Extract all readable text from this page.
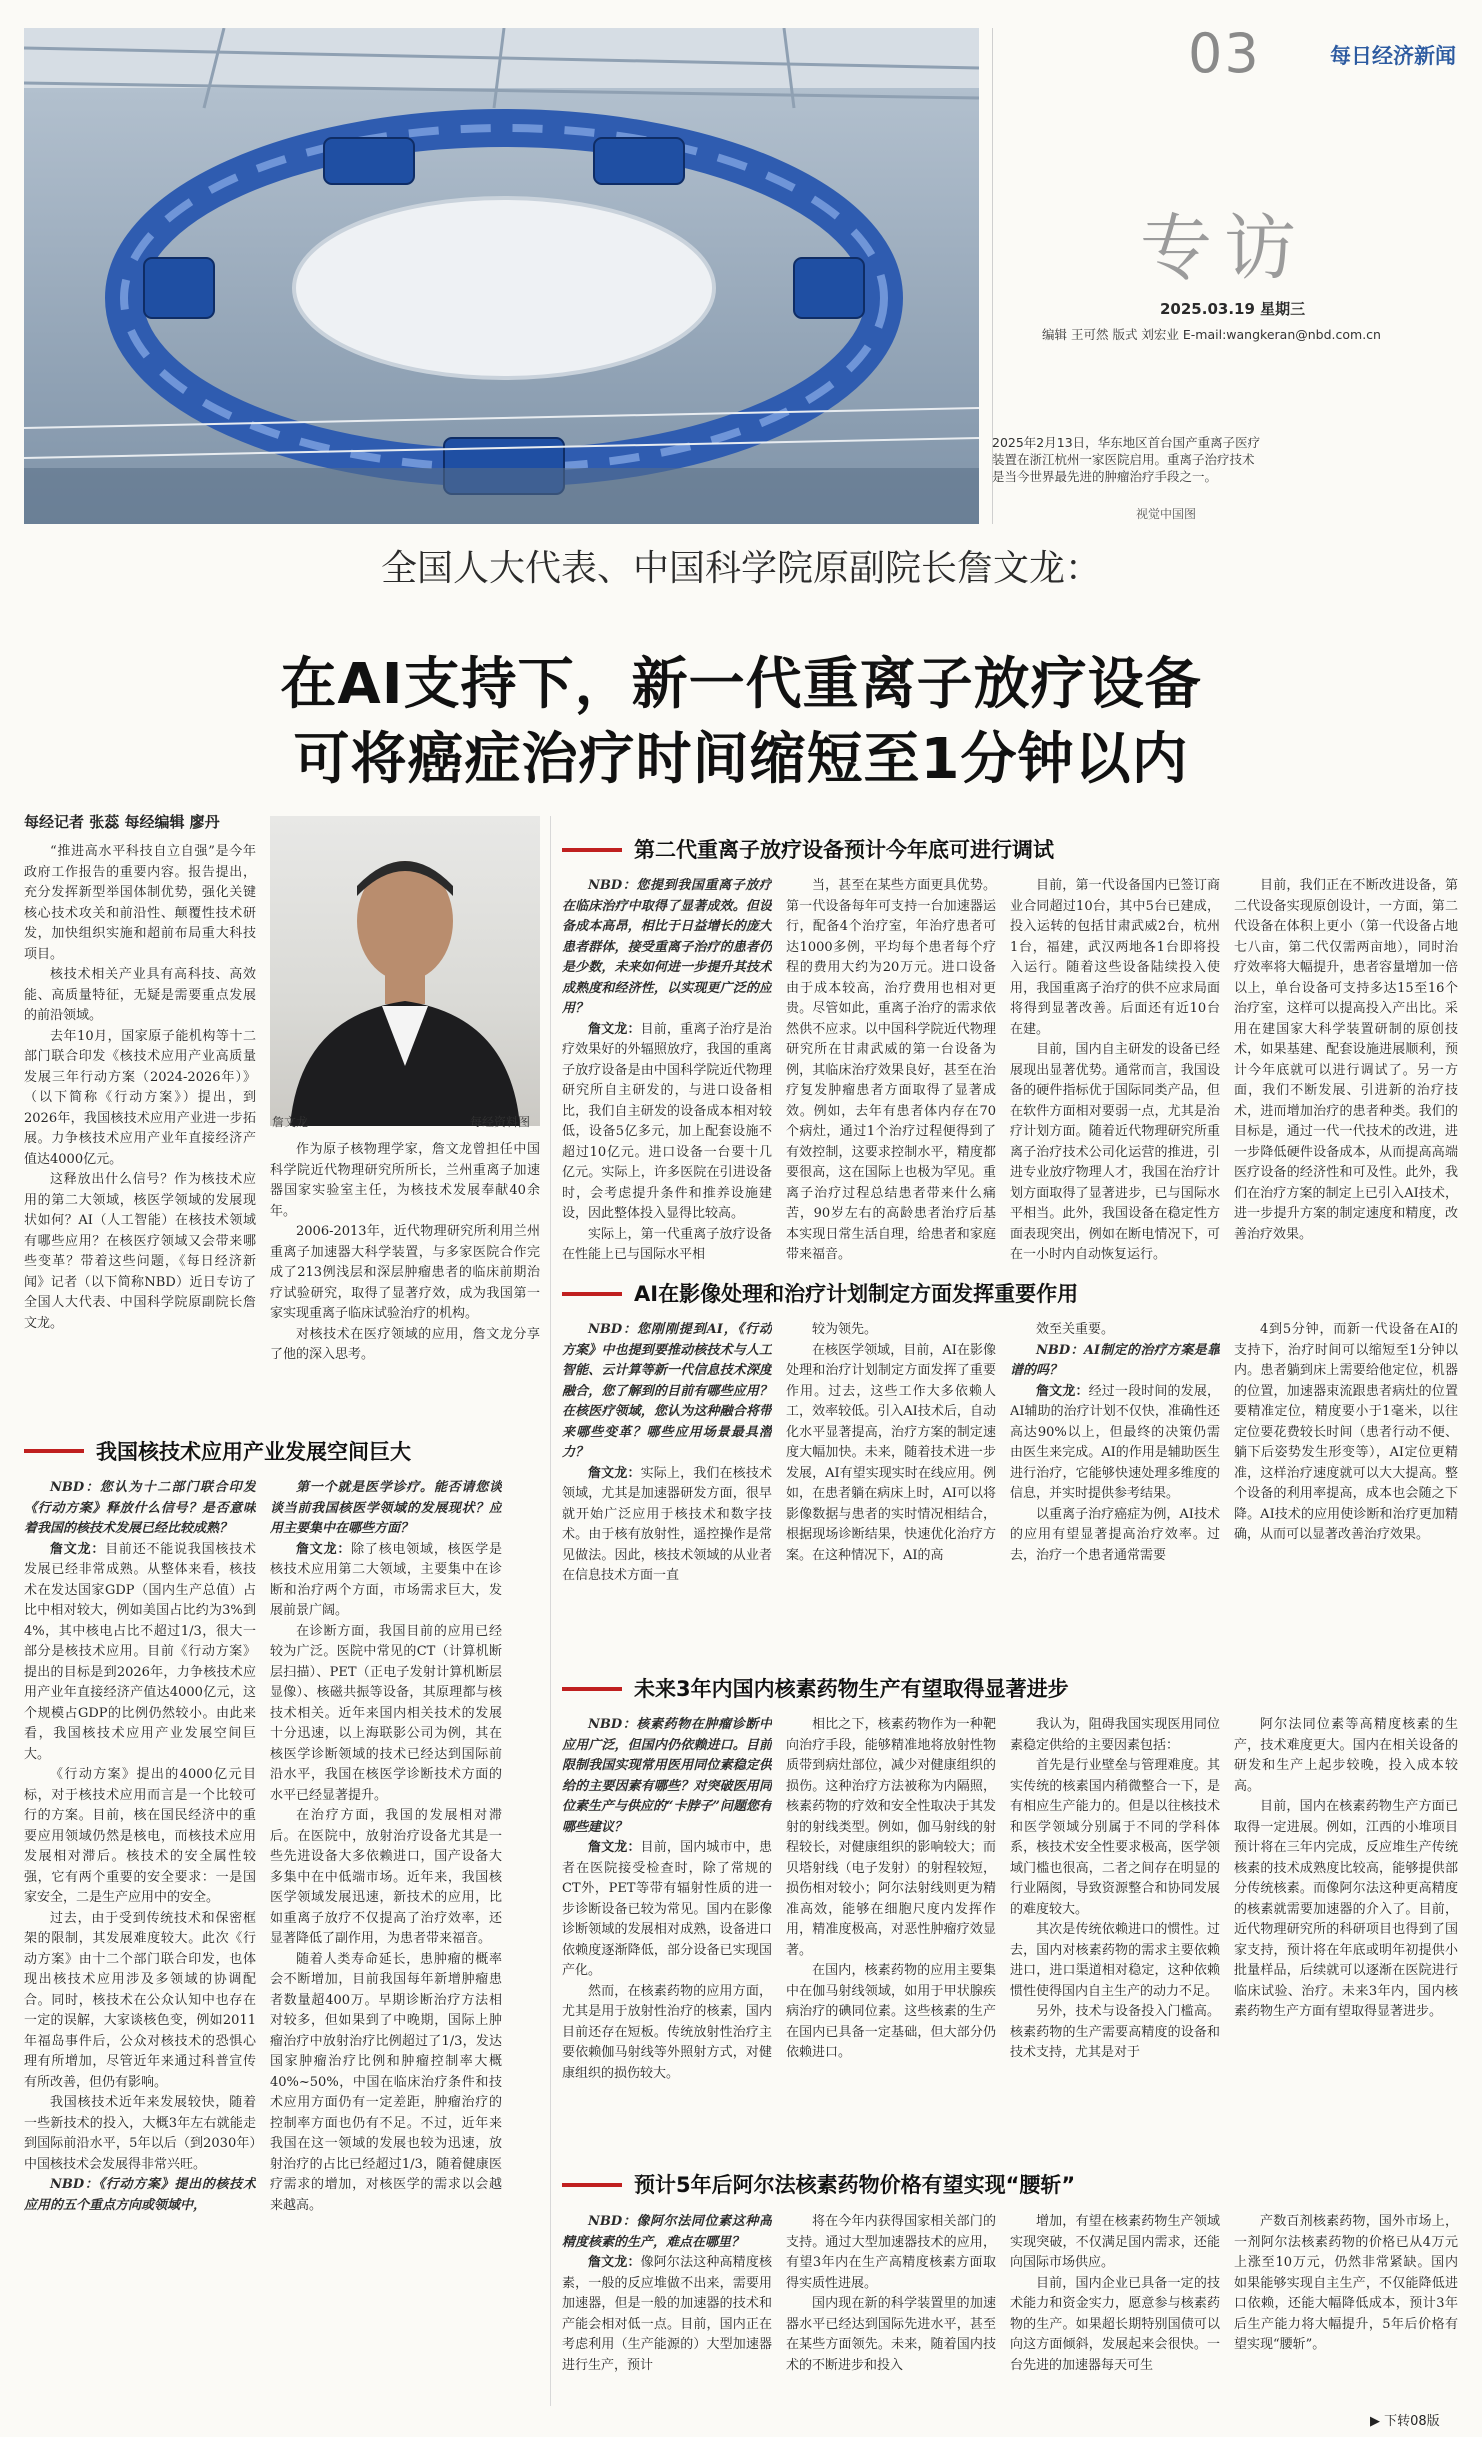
03	每日经济新闻
专访
2025.03.19 星期三
编辑 王可然 版式 刘宏业 E-mail:wangkeran@nbd.com.cn
2025年2月13日，华东地区首台国产重离子医疗装置在浙江杭州一家医院启用。重离子治疗技术是当今世界最先进的肿瘤治疗手段之一。
视觉中国图
全国人大代表、中国科学院原副院长詹文龙：
在AI支持下，新一代重离子放疗设备
可将癌症治疗时间缩短至1分钟以内
每经记者 张蕊 每经编辑 廖丹

“推进高水平科技自立自强”是今年政府工作报告的重要内容。报告提出，充分发挥新型举国体制优势，强化关键核心技术攻关和前沿性、颠覆性技术研发，加快组织实施和超前布局重大科技项目。

核技术相关产业具有高科技、高效能、高质量特征，无疑是需要重点发展的前沿领域。

去年10月，国家原子能机构等十二部门联合印发《核技术应用产业高质量发展三年行动方案（2024-2026年）》（以下简称《行动方案》）提出，到2026年，我国核技术应用产业进一步拓展。力争核技术应用产业年直接经济产值达4000亿元。

这释放出什么信号？作为核技术应用的第二大领域，核医学领域的发展现状如何？AI（人工智能）在核技术领域有哪些应用？在核医疗领域又会带来哪些变革？带着这些问题，《每日经济新闻》记者（以下简称NBD）近日专访了全国人大代表、中国科学院原副院长詹文龙。

詹文龙	每经资料图

作为原子核物理学家，詹文龙曾担任中国科学院近代物理研究所所长，兰州重离子加速器国家实验室主任，为核技术发展奉献40余年。

2006-2013年，近代物理研究所利用兰州重离子加速器大科学装置，与多家医院合作完成了213例浅层和深层肿瘤患者的临床前期治疗试验研究，取得了显著疗效，成为我国第一家实现重离子临床试验治疗的机构。

对核技术在医疗领域的应用，詹文龙分享了他的深入思考。

我国核技术应用产业发展空间巨大

NBD：您认为十二部门联合印发《行动方案》释放什么信号？是否意味着我国的核技术发展已经比较成熟？

詹文龙：目前还不能说我国核技术发展已经非常成熟。从整体来看，核技术在发达国家GDP（国内生产总值）占比中相对较大，例如美国占比约为3%到4%，其中核电占比不超过1/3，很大一部分是核技术应用。目前《行动方案》提出的目标是到2026年，力争核技术应用产业年直接经济产值达4000亿元，这个规模占GDP的比例仍然较小。由此来看，我国核技术应用产业发展空间巨大。

《行动方案》提出的4000亿元目标，对于核技术应用而言是一个比较可行的方案。目前，核在国民经济中的重要应用领域仍然是核电，而核技术应用发展相对滞后。核技术的安全属性较强，它有两个重要的安全要求：一是国家安全，二是生产应用中的安全。

过去，由于受到传统技术和保密框架的限制，其发展难度较大。此次《行动方案》由十二个部门联合印发，也体现出核技术应用涉及多领域的协调配合。同时，核技术在公众认知中也存在一定的误解，大家谈核色变，例如2011年福岛事件后，公众对核技术的恐惧心理有所增加，尽管近年来通过科普宣传有所改善，但仍有影响。

我国核技术近年来发展较快，随着一些新技术的投入，大概3年左右就能走到国际前沿水平，5年以后（到2030年）中国核技术会发展得非常兴旺。

NBD：《行动方案》提出的核技术应用的五个重点方向或领域中，

第一个就是医学诊疗。能否请您谈谈当前我国核医学领域的发展现状？应用主要集中在哪些方面？

詹文龙：除了核电领域，核医学是核技术应用第二大领域，主要集中在诊断和治疗两个方面，市场需求巨大，发展前景广阔。

在诊断方面，我国目前的应用已经较为广泛。医院中常见的CT（计算机断层扫描）、PET（正电子发射计算机断层显像）、核磁共振等设备，其原理都与核技术相关。近年来国内相关技术的发展十分迅速，以上海联影公司为例，其在核医学诊断领域的技术已经达到国际前沿水平，我国在核医学诊断技术方面的水平已经显著提升。

在治疗方面，我国的发展相对滞后。在医院中，放射治疗设备尤其是一些先进设备大多依赖进口，国产设备大多集中在中低端市场。近年来，我国核医学领域发展迅速，新技术的应用，比如重离子放疗不仅提高了治疗效率，还显著降低了副作用，为患者带来福音。

随着人类寿命延长，患肿瘤的概率会不断增加，目前我国每年新增肿瘤患者数量超400万。早期诊断治疗方法相对较多，但如果到了中晚期，国际上肿瘤治疗中放射治疗比例超过了1/3，发达国家肿瘤治疗比例和肿瘤控制率大概40%~50%，中国在临床治疗条件和技术应用方面仍有一定差距，肿瘤治疗的控制率方面也仍有不足。不过，近年来我国在这一领域的发展也较为迅速，放射治疗的占比已经超过1/3，随着健康医疗需求的增加，对核医学的需求以会越来越高。

第二代重离子放疗设备预计今年底可进行调试

NBD：您提到我国重离子放疗在临床治疗中取得了显著成效。但设备成本高昂，相比于日益增长的庞大患者群体，接受重离子治疗的患者仍是少数，未来如何进一步提升其技术成熟度和经济性，以实现更广泛的应用？

詹文龙：目前，重离子治疗是治疗效果好的外辐照放疗，我国的重离子放疗设备是由中国科学院近代物理研究所自主研发的，与进口设备相比，我们自主研发的设备成本相对较低，设备5亿多元，加上配套设施不超过10亿元。进口设备一台要十几亿元。实际上，许多医院在引进设备时，会考虑提升条件和推养设施建设，因此整体投入显得比较高。

实际上，第一代重离子放疗设备在性能上已与国际水平相

当，甚至在某些方面更具优势。第一代设备每年可支持一台加速器运行，配备4个治疗室，年治疗患者可达1000多例，平均每个患者每个疗程的费用大约为20万元。进口设备由于成本较高，治疗费用也相对更贵。尽管如此，重离子治疗的需求依然供不应求。以中国科学院近代物理研究所在甘肃武威的第一台设备为例，其临床治疗效果良好，甚至在治疗复发肿瘤患者方面取得了显著成效。例如，去年有患者体内存在70个病灶，通过1个治疗过程便得到了有效控制，这要求控制水平，精度都要很高，这在国际上也极为罕见。重离子治疗过程总结患者带来什么痛苦，90岁左右的高龄患者治疗后基本实现日常生活自理，给患者和家庭带来福音。

目前，第一代设备国内已签订商业合同超过10台，其中5台已建成，投入运转的包括甘肃武威2台，杭州1台，福建，武汉两地各1台即将投入运行。随着这些设备陆续投入使用，我国重离子治疗的供不应求局面将得到显著改善。后面还有近10台在建。

目前，国内自主研发的设备已经展现出显著优势。通常而言，我国设备的硬件指标优于国际同类产品，但在软件方面相对要弱一点，尤其是治疗计划方面。随着近代物理研究所重离子治疗技术公司化运营的推进，引进专业放疗物理人才，我国在治疗计划方面取得了显著进步，已与国际水平相当。此外，我国设备在稳定性方面表现突出，例如在断电情况下，可在一小时内自动恢复运行。

目前，我们正在不断改进设备，第二代设备实现原创设计，一方面，第二代设备在体积上更小（第一代设备占地七八亩，第二代仅需两亩地），同时治疗效率将大幅提升，患者容量增加一倍以上，单台设备可支持多达15至16个治疗室，这样可以提高投入产出比。采用在建国家大科学装置研制的原创技术，如果基建、配套设施进展顺利，预计今年底就可以进行调试了。另一方面，我们不断发展、引进新的治疗技术，进而增加治疗的患者种类。我们的目标是，通过一代一代技术的改进，进一步降低硬件设备成本，从而提高高端医疗设备的经济性和可及性。此外，我们在治疗方案的制定上已引入AI技术，进一步提升方案的制定速度和精度，改善治疗效果。

AI在影像处理和治疗计划制定方面发挥重要作用

NBD：您刚刚提到AI，《行动方案》中也提到要推动核技术与人工智能、云计算等新一代信息技术深度融合，您了解到的目前有哪些应用？在核医疗领域，您认为这种融合将带来哪些变革？哪些应用场景最具潜力？

詹文龙：实际上，我们在核技术领域，尤其是加速器研发方面，很早就开始广泛应用于核技术和数字技术。由于核有放射性，遥控操作是常见做法。因此，核技术领域的从业者在信息技术方面一直

较为领先。

在核医学领域，目前，AI在影像处理和治疗计划制定方面发挥了重要作用。过去，这些工作大多依赖人工，效率较低。引入AI技术后，自动化水平显著提高，治疗方案的制定速度大幅加快。未来，随着技术进一步发展，AI有望实现实时在线应用。例如，在患者躺在病床上时，AI可以将影像数据与患者的实时情况相结合，根据现场诊断结果，快速优化治疗方案。在这种情况下，AI的高

效至关重要。

NBD：AI制定的治疗方案是靠谱的吗？

詹文龙：经过一段时间的发展，AI辅助的治疗计划不仅快，准确性还高达90%以上，但最终的决策仍需由医生来完成。AI的作用是辅助医生进行治疗，它能够快速处理多维度的信息，并实时提供参考结果。

以重离子治疗癌症为例，AI技术的应用有望显著提高治疗效率。过去，治疗一个患者通常需要

4到5分钟，而新一代设备在AI的支持下，治疗时间可以缩短至1分钟以内。患者躺到床上需要给他定位，机器的位置，加速器束流跟患者病灶的位置要精准定位，精度要小于1毫米，以往定位要花费较长时间（患者行动不便、躺下后姿势发生形变等），AI定位更精准，这样治疗速度就可以大大提高。整个设备的利用率提高，成本也会随之下降。AI技术的应用使诊断和治疗更加精确，从而可以显著改善治疗效果。

未来3年内国内核素药物生产有望取得显著进步

NBD：核素药物在肿瘤诊断中应用广泛，但国内仍依赖进口。目前限制我国实现常用医用同位素稳定供给的主要因素有哪些？对突破医用同位素生产与供应的“卡脖子”问题您有哪些建议？

詹文龙：目前，国内城市中，患者在医院接受检查时，除了常规的CT外，PET等带有辐射性质的进一步诊断设备已较为常见。国内在影像诊断领域的发展相对成熟，设备进口依赖度逐渐降低，部分设备已实现国产化。

然而，在核素药物的应用方面，尤其是用于放射性治疗的核素，国内目前还存在短板。传统放射性治疗主要依赖伽马射线等外照射方式，对健康组织的损伤较大。

相比之下，核素药物作为一种靶向治疗手段，能够精准地将放射性物质带到病灶部位，减少对健康组织的损伤。这种治疗方法被称为内隔照，核素药物的疗效和安全性取决于其发射的射线类型。例如，伽马射线的射程较长，对健康组织的影响较大；而贝塔射线（电子发射）的射程较短，损伤相对较小；阿尔法射线则更为精准高效，能够在细胞尺度内发挥作用，精准度极高，对恶性肿瘤疗效显著。

在国内，核素药物的应用主要集中在伽马射线领域，如用于甲状腺疾病治疗的碘同位素。这些核素的生产在国内已具备一定基础，但大部分仍依赖进口。

我认为，阻碍我国实现医用同位素稳定供给的主要因素包括：

首先是行业壁垒与管理难度。其实传统的核素国内稍微整合一下，是有相应生产能力的。但是以往核技术和医学领域分别属于不同的学科体系，核技术安全性要求极高，医学领域门槛也很高，二者之间存在明显的行业隔阂，导致资源整合和协同发展的难度较大。

其次是传统依赖进口的惯性。过去，国内对核素药物的需求主要依赖进口，进口渠道相对稳定，这种依赖惯性使得国内自主生产的动力不足。

另外，技术与设备投入门槛高。核素药物的生产需要高精度的设备和技术支持，尤其是对于

阿尔法同位素等高精度核素的生产，技术难度更大。国内在相关设备的研发和生产上起步较晚，投入成本较高。

目前，国内在核素药物生产方面已取得一定进展。例如，江西的小堆项目预计将在三年内完成，反应堆生产传统核素的技术成熟度比较高，能够提供部分传统核素。而像阿尔法这种更高精度的核素就需要加速器的介入了。目前，近代物理研究所的科研项目也得到了国家支持，预计将在年底或明年初提供小批量样品，后续就可以逐渐在医院进行临床试验、治疗。未来3年内，国内核素药物生产方面有望取得显著进步。

预计5年后阿尔法核素药物价格有望实现“腰斩”

NBD：像阿尔法同位素这种高精度核素的生产，难点在哪里？

詹文龙：像阿尔法这种高精度核素，一般的反应堆做不出来，需要用加速器，但是一般的加速器的技术和产能会相对低一点。目前，国内正在考虑利用（生产能源的）大型加速器进行生产，预计

将在今年内获得国家相关部门的支持。通过大型加速器技术的应用，有望3年内在生产高精度核素方面取得实质性进展。

国内现在新的科学装置里的加速器水平已经达到国际先进水平，甚至在某些方面领先。未来，随着国内技术的不断进步和投入

增加，有望在核素药物生产领域实现突破，不仅满足国内需求，还能向国际市场供应。

目前，国内企业已具备一定的技术能力和资金实力，愿意参与核素药物的生产。如果超长期特别国债可以向这方面倾斜，发展起来会很快。一台先进的加速器每天可生

产数百剂核素药物，国外市场上，一剂阿尔法核素药物的价格已从4万元上涨至10万元，仍然非常紧缺。国内如果能够实现自主生产，不仅能降低进口依赖，还能大幅降低成本，预计3年后生产能力将大幅提升，5年后价格有望实现“腰斩”。

▶ 下转08版
